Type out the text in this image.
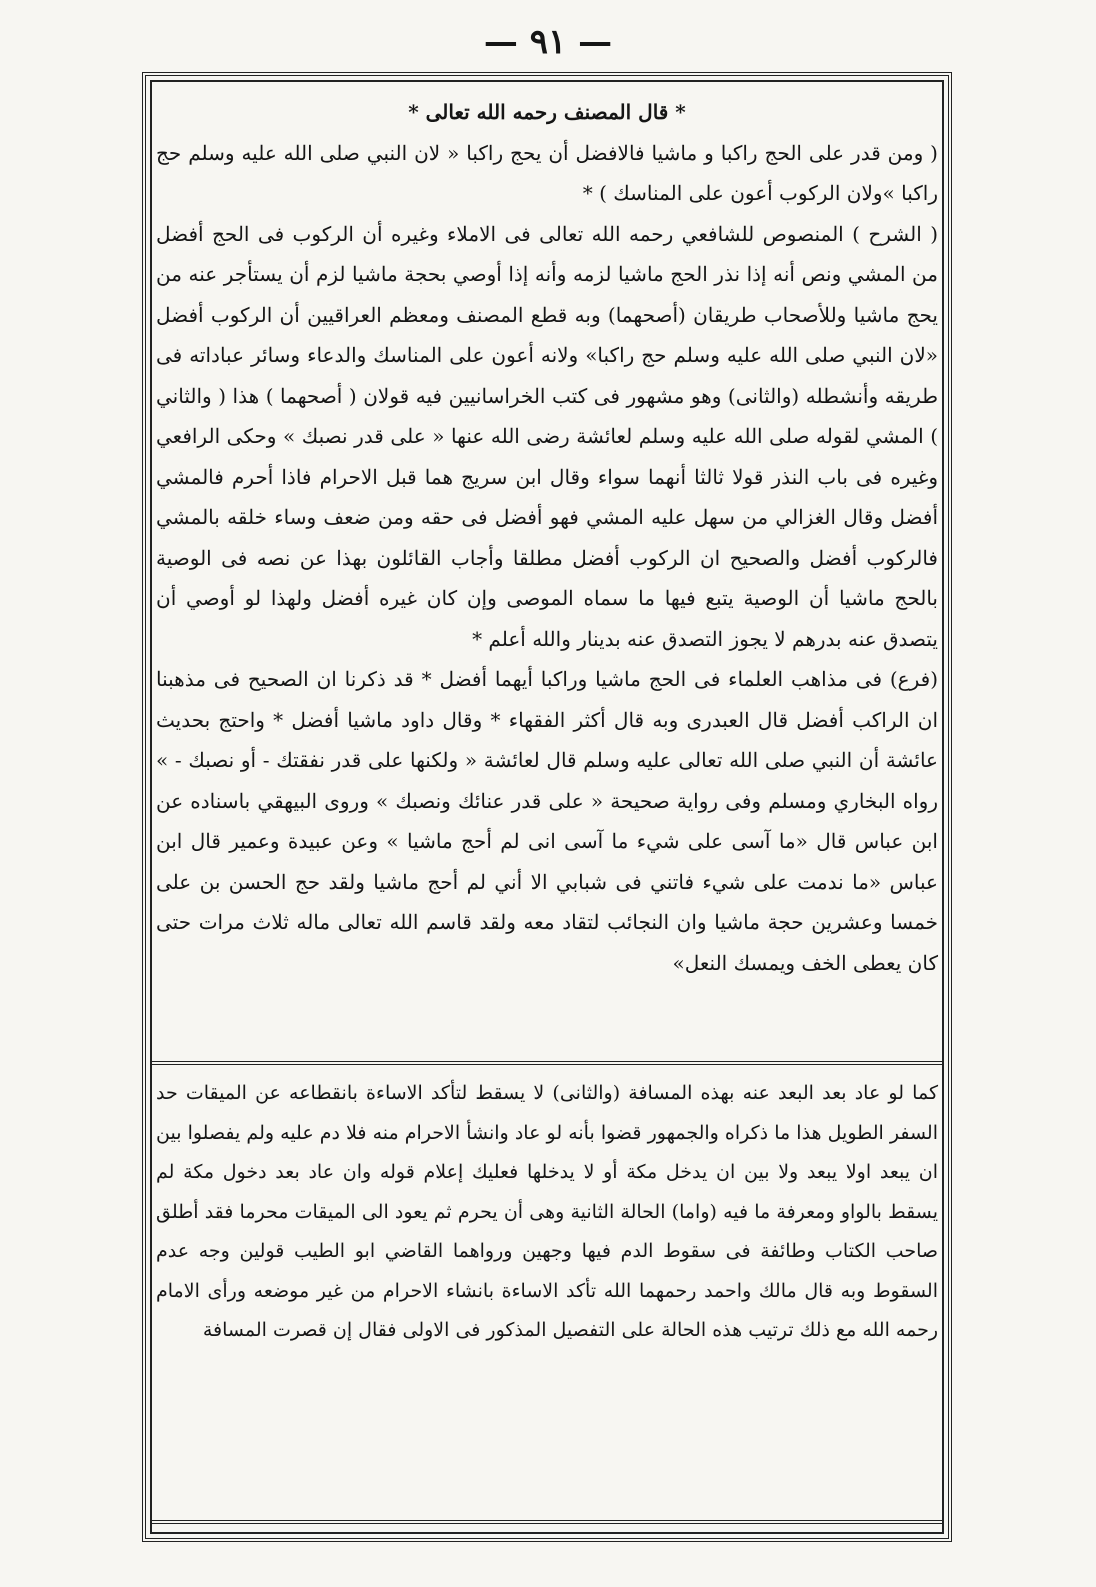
— ٩١ —

* قال المصنف رحمه الله تعالى *

( ومن قدر على الحج راكبا و ماشيا فالافضل أن يحج راكبا « لان النبي صلى الله عليه وسلم حج راكبا »ولان الركوب أعون على المناسك ) *

( الشرح ) المنصوص للشافعي رحمه الله تعالى فى الاملاء وغيره أن الركوب فى الحج أفضل من المشي ونص أنه إذا نذر الحج ماشيا لزمه وأنه إذا أوصي بحجة ماشيا لزم أن يستأجر عنه من يحج ماشيا وللأصحاب طريقان (أصحهما) وبه قطع المصنف ومعظم العراقيين أن الركوب أفضل «لان النبي صلى الله عليه وسلم حج راكبا» ولانه أعون على المناسك والدعاء وسائر عباداته فى طريقه وأنشطله (والثانى) وهو مشهور فى كتب الخراسانيين فيه قولان ( أصحهما ) هذا ( والثاني ) المشي لقوله صلى الله عليه وسلم لعائشة رضى الله عنها « على قدر نصبك » وحكى الرافعي وغيره فى باب النذر قولا ثالثا أنهما سواء وقال ابن سريج هما قبل الاحرام فاذا أحرم فالمشي أفضل وقال الغزالي من سهل عليه المشي فهو أفضل فى حقه ومن ضعف وساء خلقه بالمشي فالركوب أفضل والصحيح ان الركوب أفضل مطلقا وأجاب القائلون بهذا عن نصه فى الوصية بالحج ماشيا أن الوصية يتبع فيها ما سماه الموصى وإن كان غيره أفضل ولهذا لو أوصي أن يتصدق عنه بدرهم لا يجوز التصدق عنه بدينار والله أعلم *

(فرع) فى مذاهب العلماء فى الحج ماشيا وراكبا أيهما أفضل * قد ذكرنا ان الصحيح فى مذهبنا ان الراكب أفضل قال العبدرى وبه قال أكثر الفقهاء * وقال داود ماشيا أفضل * واحتج بحديث عائشة أن النبي صلى الله تعالى عليه وسلم قال لعائشة « ولكنها على قدر نفقتك - أو نصبك - » رواه البخاري ومسلم وفى رواية صحيحة « على قدر عنائك ونصبك » وروى البيهقي باسناده عن ابن عباس قال «ما آسى على شيء ما آسى انى لم أحج ماشيا » وعن عبيدة وعمير قال ابن عباس «ما ندمت على شيء فاتني فى شبابي الا أني لم أحج ماشيا ولقد حج الحسن بن على خمسا وعشرين حجة ماشيا وان النجائب لتقاد معه ولقد قاسم الله تعالى ماله ثلاث مرات حتى كان يعطى الخف ويمسك النعل»

كما لو عاد بعد البعد عنه بهذه المسافة (والثانى) لا يسقط لتأكد الاساءة بانقطاعه عن الميقات حد السفر الطويل هذا ما ذكراه والجمهور قضوا بأنه لو عاد وانشأ الاحرام منه فلا دم عليه ولم يفصلوا بين ان يبعد اولا يبعد ولا بين ان يدخل مكة أو لا يدخلها فعليك إعلام قوله وان عاد بعد دخول مكة لم يسقط بالواو ومعرفة ما فيه (واما) الحالة الثانية وهى أن يحرم ثم يعود الى الميقات محرما فقد أطلق صاحب الكتاب وطائفة فى سقوط الدم فيها وجهين ورواهما القاضي ابو الطيب قولين وجه عدم السقوط وبه قال مالك واحمد رحمهما الله تأكد الاساءة بانشاء الاحرام من غير موضعه ورأى الامام رحمه الله مع ذلك ترتيب هذه الحالة على التفصيل المذكور فى الاولى فقال إن قصرت المسافة
